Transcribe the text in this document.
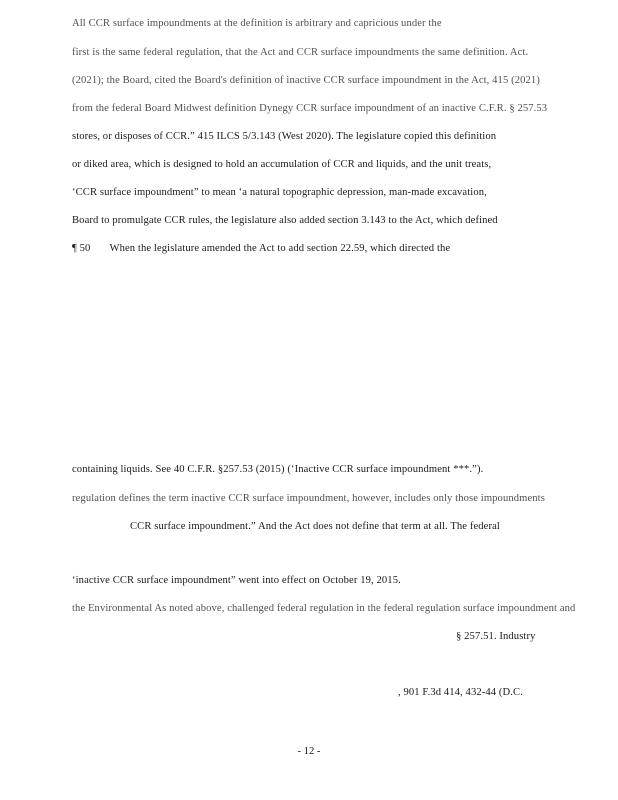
All CCR surface impoundments at the definition is arbitrary and capricious under the
first is the same federal regulation, that the Act and CCR surface impoundments the same definition. Act.
(2021); the Board, cited the Board's definition of inactive CCR surface impoundment in the Act, 415 (2021)
from the federal Board Midwest definition Dynegy CCR surface impoundment of an inactive C.F.R. § 257.53
stores, or disposes of CCR.” 415 ILCS 5/3.143 (West 2020). The legislature copied this definition
or diked area, which is designed to hold an accumulation of CCR and liquids, and the unit treats,
‘CCR surface impoundment” to mean ‘a natural topographic depression, man-made excavation,
Board to promulgate CCR rules, the legislature also added section 3.143 to the Act, which defined
¶ 50       When the legislature amended the Act to add section 22.59, which directed the
containing liquids. See 40 C.F.R. §257.53 (2015) (‘Inactive CCR surface impoundment ***.”).
regulation defines the term inactive CCR surface impoundment, however, includes only those impoundments
CCR surface impoundment.” And the Act does not define that term at all. The federal
‘inactive CCR surface impoundment” went into effect on October 19, 2015.
the Environmental As noted above, challenged federal regulation in the federal regulation surface impoundment and
§ 257.51. Industry
, 901 F.3d 414, 432-44 (D.C.
- 12 -
